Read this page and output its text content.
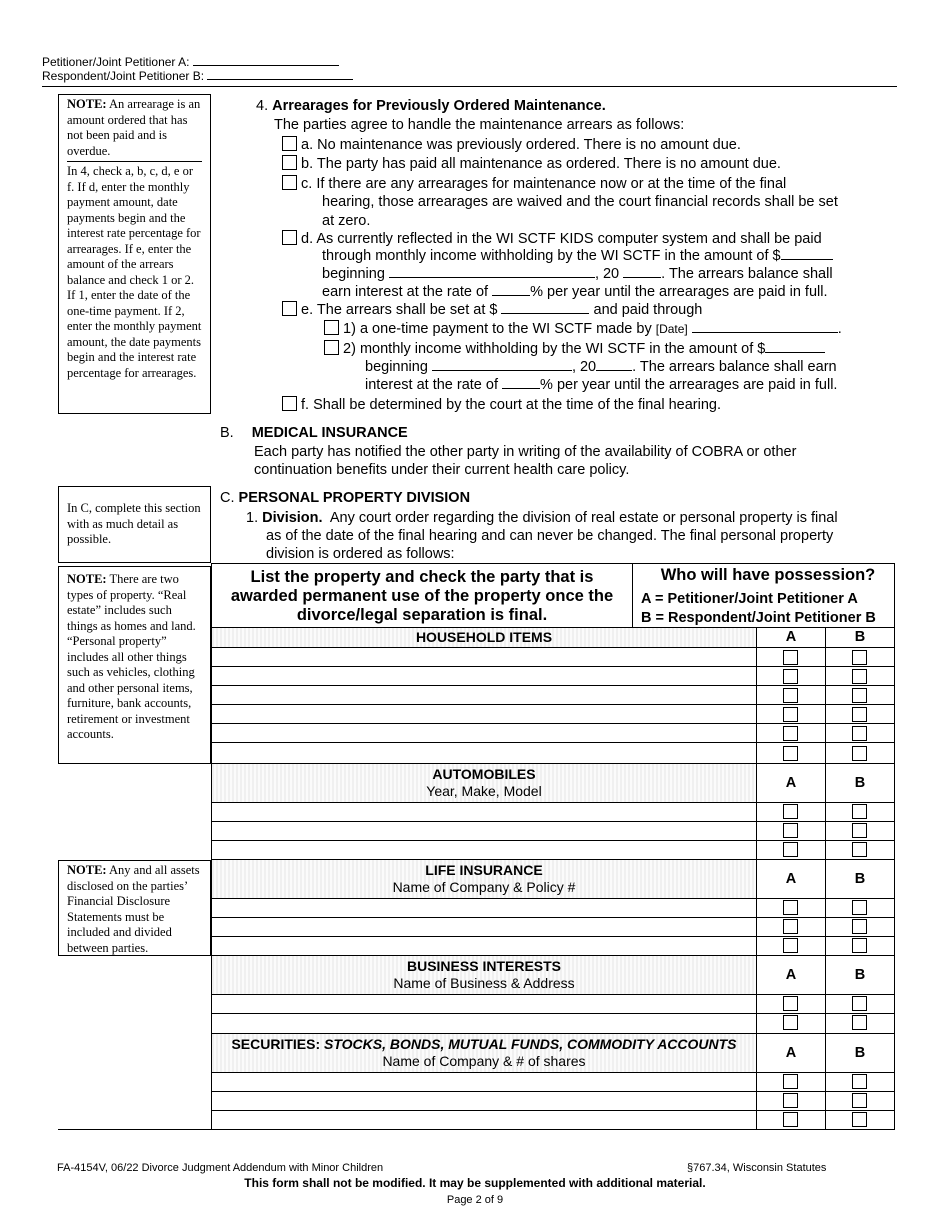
Petitioner/Joint Petitioner A:
Respondent/Joint Petitioner B:
NOTE: An arrearage is an amount ordered that has not been paid and is overdue.
In 4, check a, b, c, d, e or f. If d, enter the monthly payment amount, date payments begin and the interest rate percentage for arrearages. If e, enter the amount of the arrears balance and check 1 or 2. If 1, enter the date of the one-time payment. If 2, enter the monthly payment amount, the date payments begin and the interest rate percentage for arrearages.
In C, complete this section with as much detail as possible.
NOTE: There are two types of property. “Real estate” includes such things as homes and land. “Personal property” includes all other things such as vehicles, clothing and other personal items, furniture, bank accounts, retirement or investment accounts.
NOTE: Any and all assets disclosed on the parties’ Financial Disclosure Statements must be included and divided between parties.
4. Arrearages for Previously Ordered Maintenance.
The parties agree to handle the maintenance arrears as follows:
a. No maintenance was previously ordered. There is no amount due.
b. The party has paid all maintenance as ordered. There is no amount due.
c. If there are any arrearages for maintenance now or at the time of the final
hearing, those arrearages are waived and the court financial records shall be set
at zero.
d. As currently reflected in the WI SCTF KIDS computer system and shall be paid
through monthly income withholding by the WI SCTF in the amount of $
beginning	, 20	. The arrears balance shall
earn interest at the rate of	% per year until the arrearages are paid in full.
e. The arrears shall be set at $	and paid through
1) a one-time payment to the WI SCTF made by [Date]	.
2) monthly income withholding by the WI SCTF in the amount of $
beginning	, 20 . The arrears balance shall earn
interest at the rate of	% per year until the arrearages are paid in full.
f. Shall be determined by the court at the time of the final hearing.
B. MEDICAL INSURANCE
Each party has notified the other party in writing of the availability of COBRA or other
continuation benefits under their current health care policy.
C. PERSONAL PROPERTY DIVISION
1. Division. Any court order regarding the division of real estate or personal property is final
as of the date of the final hearing and can never be changed. The final personal property
division is ordered as follows:
List the property and check the party that is
awarded permanent use of the property once the
divorce/legal separation is final.
Who will have possession?
A = Petitioner/Joint Petitioner A
B = Respondent/Joint Petitioner B
HOUSEHOLD ITEMS	A	B
AUTOMOBILES
Year, Make, Model	A	B
LIFE INSURANCE
Name of Company & Policy #	A	B
BUSINESS INTERESTS
Name of Business & Address	A	B
SECURITIES: STOCKS, BONDS, MUTUAL FUNDS, COMMODITY ACCOUNTS
Name of Company & # of shares	A	B
FA-4154V, 06/22 Divorce Judgment Addendum with Minor Children	§767.34, Wisconsin Statutes
This form shall not be modified. It may be supplemented with additional material.
Page 2 of 9
